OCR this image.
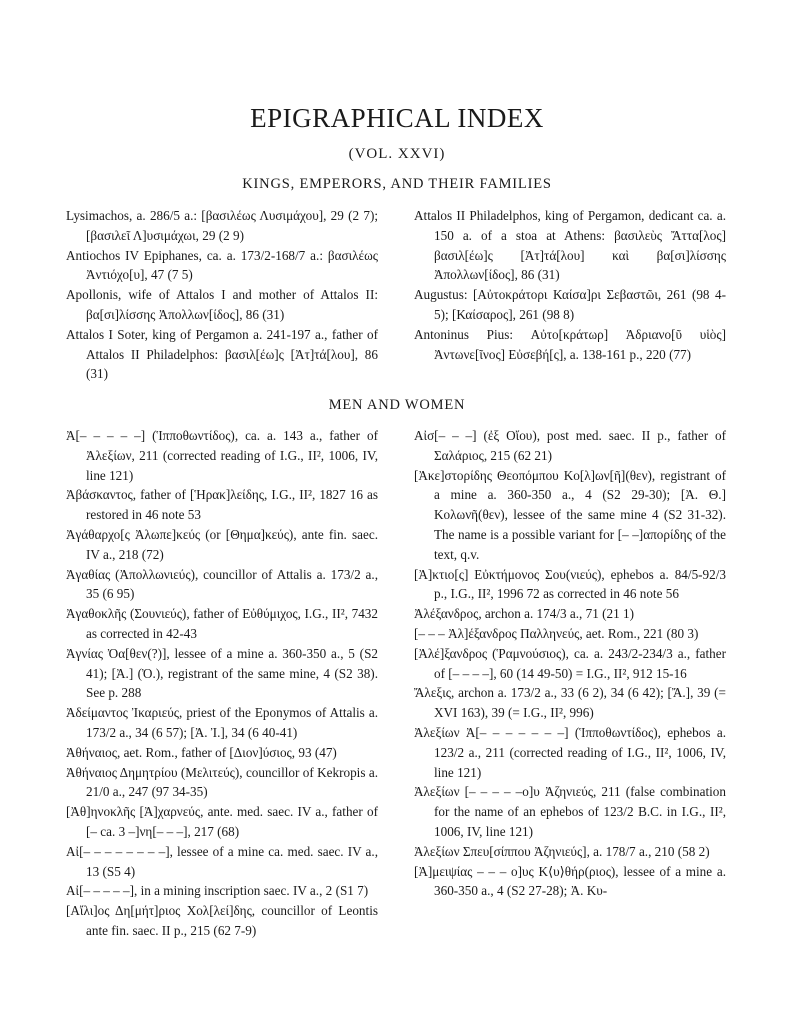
EPIGRAPHICAL INDEX
(VOL. XXVI)
KINGS, EMPERORS, AND THEIR FAMILIES
Lysimachos, a. 286/5 a.: [βασιλέως Λυσιμάχου], 29 (2 7); [βασιλεῖ Λ]υσιμάχωι, 29 (2 9)
Antiochos IV Epiphanes, ca. a. 173/2-168/7 a.: βασιλέως Ἀντιόχο[υ], 47 (7 5)
Apollonis, wife of Attalos I and mother of Attalos II: βα[σι]λίσσης Ἀπολλων[ίδος], 86 (31)
Attalos I Soter, king of Pergamon a. 241-197 a., father of Attalos II Philadelphos: βασιλ[έω]ς [Ἀτ]τά[λου], 86 (31)
Attalos II Philadelphos, king of Pergamon, dedicant ca. a. 150 a. of a stoa at Athens: βασιλεὺς Ἄττα[λος] βασιλ[έω]ς [Ἀτ]τά[λου] καὶ βα[σι]λίσσης Ἀπολλων[ίδος], 86 (31)
Augustus: [Αὐτοκράτορι Καίσα]ρι Σεβαστῶι, 261 (98 4-5); [Καίσαρος], 261 (98 8)
Antoninus Pius: Αὐτο[κράτωρ] Ἁδριανο[ῦ υἱὸς] Ἀντωνε[ῖνος] Εὐσεβή[ς], a. 138-161 p., 220 (77)
MEN AND WOMEN
Ἀ[– – – – –] (Ἱπποθωντίδος), ca. a. 143 a., father of Ἀλεξίων, 211 (corrected reading of I.G., II², 1006, IV, line 121)
Ἀβάσκαντος, father of [Ἡρακ]λείδης, I.G., II², 1827 16 as restored in 46 note 53
Ἀγάθαρχο[ς Ἀλωπε]κεύς (or [Θημα]κεύς), ante fin. saec. IV a., 218 (72)
Ἀγαθίας (Ἀπολλωνιεύς), councillor of Attalis a. 173/2 a., 35 (6 95)
Ἀγαθοκλῆς (Σουνιεύς), father of Εὐθύμιχος, I.G., II², 7432 as corrected in 42-43
Ἀγνίας Ὀα[θεν(?)], lessee of a mine a. 360-350 a., 5 (S2 41); [Ἀ.] (Ὀ.), registrant of the same mine, 4 (S2 38). See p. 288
Ἀδείμαντος Ἰκαριεύς, priest of the Eponymos of Attalis a. 173/2 a., 34 (6 57); [Ἀ. Ἰ.], 34 (6 40-41)
Ἀθήναιος, aet. Rom., father of [Διον]ύσιος, 93 (47)
Ἀθήναιος Δημητρίου (Μελιτεύς), councillor of Kekropis a. 21/0 a., 247 (97 34-35)
[Ἀθ]ηνοκλῆς [Ἀ]χαρνεύς, ante. med. saec. IV a., father of [– ca. 3 –]νη[– – –], 217 (68)
Αἰ[– – – – – – – –], lessee of a mine ca. med. saec. IV a., 13 (S5 4)
Αἰ[– – – – –], in a mining inscription saec. IV a., 2 (S1 7)
[Αἴλι]ος Δη[μήτ]ριος Χολ[λεί]δης, councillor of Leontis ante fin. saec. II p., 215 (62 7-9)
Αἰσ[– – –] (ἐξ Οἴου), post med. saec. II p., father of Σαλάριος, 215 (62 21)
[Ἀκε]στορίδης Θεοπόμπου Κο[λ]ων[ῆ](θεν), registrant of a mine a. 360-350 a., 4 (S2 29-30); [Ἀ. Θ.] Κολωνῆ(θεν), lessee of the same mine 4 (S2 31-32). The name is a possible variant for [– –]απορίδης of the text, q.v.
[Ἀ]κτιο[ς] Εὐκτήμονος Σου(νιεύς), ephebos a. 84/5-92/3 p., I.G., II², 1996 72 as corrected in 46 note 56
Ἀλέξανδρος, archon a. 174/3 a., 71 (21 1)
[– – – Ἀλ]έξανδρος Παλληνεύς, aet. Rom., 221 (80 3)
[Ἀλέ]ξανδρος (Ῥαμνούσιος), ca. a. 243/2-234/3 a., father of [– – – –], 60 (14 49-50) = I.G., II², 912 15-16
Ἄλεξις, archon a. 173/2 a., 33 (6 2), 34 (6 42); [Ἄ.], 39 (= XVI 163), 39 (= I.G., II², 996)
Ἀλεξίων Ἀ[– – – – – – –] (Ἱπποθωντίδος), ephebos a. 123/2 a., 211 (corrected reading of I.G., II², 1006, IV, line 121)
Ἀλεξίων [– – – – –ο]υ Ἀζηνιεύς, 211 (false combination for the name of an ephebos of 123/2 B.C. in I.G., II², 1006, IV, line 121)
Ἀλεξίων Σπευ[σίππου Ἀζηνιεύς], a. 178/7 a., 210 (58 2)
[Ἀ]μειψίας – – – ο]υς Κ⟨υ⟩θήρ(ριος), lessee of a mine a. 360-350 a., 4 (S2 27-28); Ἀ. Κυ-
